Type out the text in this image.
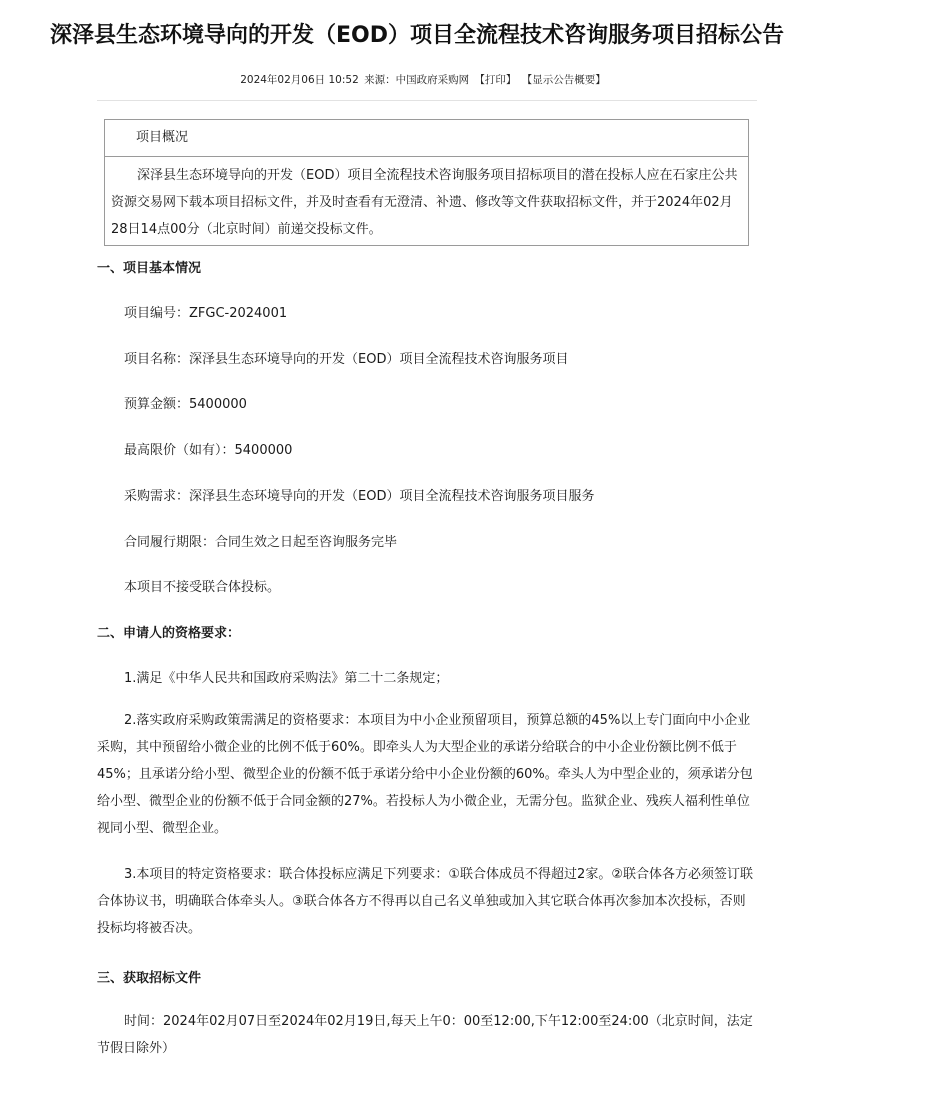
深泽县生态环境导向的开发（EOD）项目全流程技术咨询服务项目招标公告
2024年02月06日 10:52 来源：中国政府采购网 【打印】 【显示公告概要】
项目概况
深泽县生态环境导向的开发（EOD）项目全流程技术咨询服务项目招标项目的潜在投标人应在石家庄公共资源交易网下载本项目招标文件，并及时查看有无澄清、补遗、修改等文件获取招标文件，并于2024年02月28日14点00分（北京时间）前递交投标文件。
一、项目基本情况
项目编号：ZFGC-2024001
项目名称：深泽县生态环境导向的开发（EOD）项目全流程技术咨询服务项目
预算金额：5400000
最高限价（如有）：5400000
采购需求：深泽县生态环境导向的开发（EOD）项目全流程技术咨询服务项目服务
合同履行期限：合同生效之日起至咨询服务完毕
本项目不接受联合体投标。
二、申请人的资格要求：
1.满足《中华人民共和国政府采购法》第二十二条规定；
2.落实政府采购政策需满足的资格要求：本项目为中小企业预留项目，预算总额的45%以上专门面向中小企业采购，其中预留给小微企业的比例不低于60%。即牵头人为大型企业的承诺分给联合的中小企业份额比例不低于45%；且承诺分给小型、微型企业的份额不低于承诺分给中小企业份额的60%。牵头人为中型企业的，须承诺分包给小型、微型企业的份额不低于合同金额的27%。若投标人为小微企业，无需分包。监狱企业、残疾人福利性单位视同小型、微型企业。
3.本项目的特定资格要求：联合体投标应满足下列要求：①联合体成员不得超过2家。②联合体各方必须签订联合体协议书，明确联合体牵头人。③联合体各方不得再以自己名义单独或加入其它联合体再次参加本次投标，否则投标均将被否决。
三、获取招标文件
时间：2024年02月07日至2024年02月19日,每天上午0：00至12:00,下午12:00至24:00（北京时间，法定节假日除外）
